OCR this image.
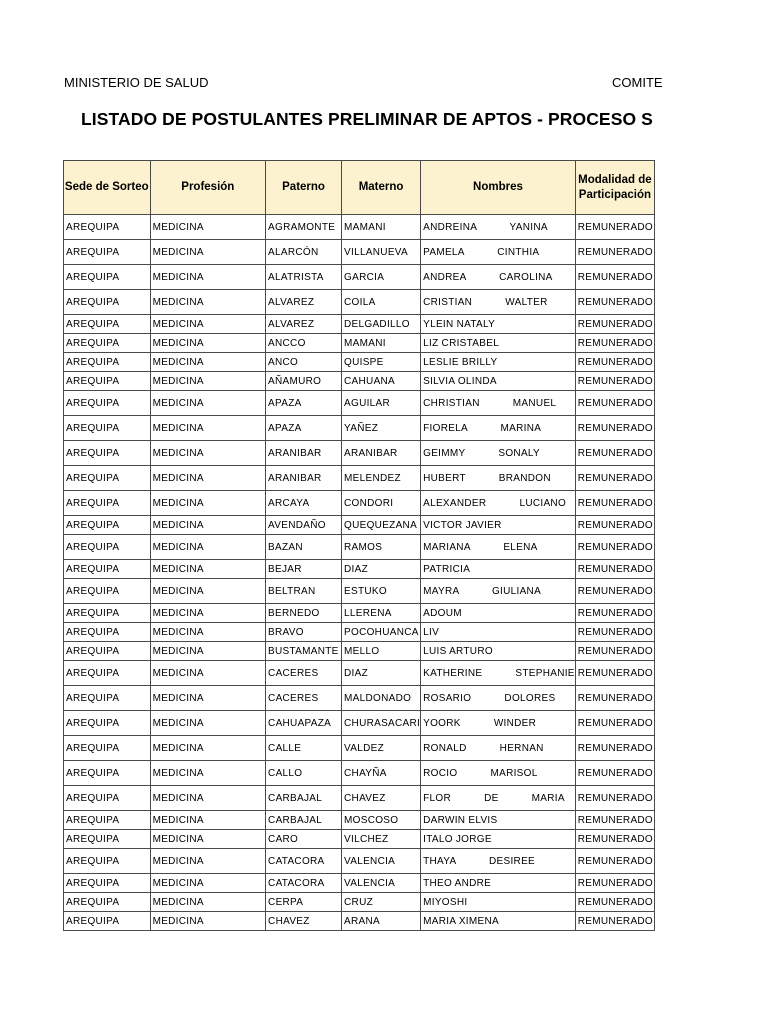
MINISTERIO DE SALUD	COMITE
LISTADO DE POSTULANTES PRELIMINAR DE APTOS - PROCESO S
Sede de Sorteo	Profesión	Paterno	Materno	Nombres	Modalidad de Participación
AREQUIPA	MEDICINA	AGRAMONTE	MAMANI	ANDREINA YANINA	REMUNERADO
AREQUIPA	MEDICINA	ALARCÓN	VILLANUEVA	PAMELA CINTHIA	REMUNERADO
AREQUIPA	MEDICINA	ALATRISTA	GARCIA	ANDREA CAROLINA	REMUNERADO
AREQUIPA	MEDICINA	ALVAREZ	COILA	CRISTIAN WALTER	REMUNERADO
AREQUIPA	MEDICINA	ALVAREZ	DELGADILLO	YLEIN NATALY	REMUNERADO
AREQUIPA	MEDICINA	ANCCO	MAMANI	LIZ CRISTABEL	REMUNERADO
AREQUIPA	MEDICINA	ANCO	QUISPE	LESLIE BRILLY	REMUNERADO
AREQUIPA	MEDICINA	AÑAMURO	CAHUANA	SILVIA OLINDA	REMUNERADO
AREQUIPA	MEDICINA	APAZA	AGUILAR	CHRISTIAN MANUEL	REMUNERADO
AREQUIPA	MEDICINA	APAZA	YAÑEZ	FIORELA MARINA	REMUNERADO
AREQUIPA	MEDICINA	ARANIBAR	ARANIBAR	GEIMMY SONALY	REMUNERADO
AREQUIPA	MEDICINA	ARANIBAR	MELENDEZ	HUBERT BRANDON	REMUNERADO
AREQUIPA	MEDICINA	ARCAYA	CONDORI	ALEXANDER LUCIANO	REMUNERADO
AREQUIPA	MEDICINA	AVENDAÑO	QUEQUEZANA	VICTOR JAVIER	REMUNERADO
AREQUIPA	MEDICINA	BAZAN	RAMOS	MARIANA ELENA	REMUNERADO
AREQUIPA	MEDICINA	BEJAR	DIAZ	PATRICIA	REMUNERADO
AREQUIPA	MEDICINA	BELTRAN	ESTUKO	MAYRA GIULIANA	REMUNERADO
AREQUIPA	MEDICINA	BERNEDO	LLERENA	ADOUM	REMUNERADO
AREQUIPA	MEDICINA	BRAVO	POCOHUANCA	LIV	REMUNERADO
AREQUIPA	MEDICINA	BUSTAMANTE	MELLO	LUIS ARTURO	REMUNERADO
AREQUIPA	MEDICINA	CACERES	DIAZ	KATHERINE STEPHANIE	REMUNERADO
AREQUIPA	MEDICINA	CACERES	MALDONADO	ROSARIO DOLORES	REMUNERADO
AREQUIPA	MEDICINA	CAHUAPAZA	CHURASACARI	YOORK WINDER	REMUNERADO
AREQUIPA	MEDICINA	CALLE	VALDEZ	RONALD HERNAN	REMUNERADO
AREQUIPA	MEDICINA	CALLO	CHAYÑA	ROCIO MARISOL	REMUNERADO
AREQUIPA	MEDICINA	CARBAJAL	CHAVEZ	FLOR DE MARIA	REMUNERADO
AREQUIPA	MEDICINA	CARBAJAL	MOSCOSO	DARWIN ELVIS	REMUNERADO
AREQUIPA	MEDICINA	CARO	VILCHEZ	ITALO JORGE	REMUNERADO
AREQUIPA	MEDICINA	CATACORA	VALENCIA	THAYA DESIREE	REMUNERADO
AREQUIPA	MEDICINA	CATACORA	VALENCIA	THEO ANDRE	REMUNERADO
AREQUIPA	MEDICINA	CERPA	CRUZ	MIYOSHI	REMUNERADO
AREQUIPA	MEDICINA	CHAVEZ	ARANA	MARIA XIMENA	REMUNERADO
